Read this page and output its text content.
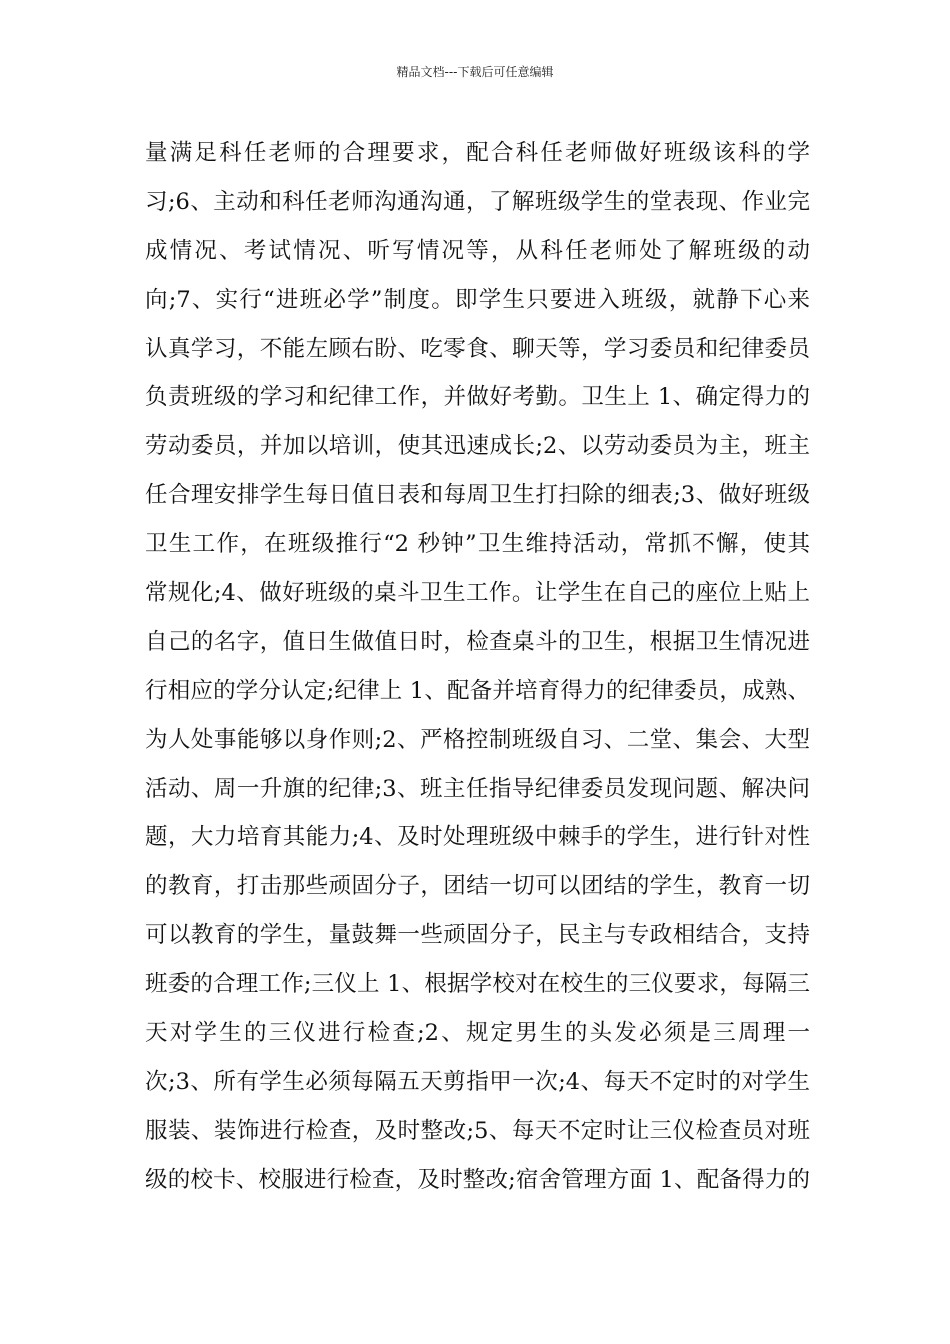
精品文档---下载后可任意编辑
量满足科任老师的合理要求，配合科任老师做好班级该科的学
习;6、主动和科任老师沟通沟通，了解班级学生的堂表现、作业完
成情况、考试情况、听写情况等，从科任老师处了解班级的动
向;7、实行“进班必学”制度。即学生只要进入班级，就静下心来
认真学习，不能左顾右盼、吃零食、聊天等，学习委员和纪律委员
负责班级的学习和纪律工作，并做好考勤。卫生上 1、确定得力的
劳动委员，并加以培训，使其迅速成长;2、以劳动委员为主，班主
任合理安排学生每日值日表和每周卫生打扫除的细表;3、做好班级
卫生工作，在班级推行“2 秒钟”卫生维持活动，常抓不懈，使其
常规化;4、做好班级的桌斗卫生工作。让学生在自己的座位上贴上
自己的名字，值日生做值日时，检查桌斗的卫生，根据卫生情况进
行相应的学分认定;纪律上 1、配备并培育得力的纪律委员，成熟、
为人处事能够以身作则;2、严格控制班级自习、二堂、集会、大型
活动、周一升旗的纪律;3、班主任指导纪律委员发现问题、解决问
题，大力培育其能力;4、及时处理班级中棘手的学生，进行针对性
的教育，打击那些顽固分子，团结一切可以团结的学生，教育一切
可以教育的学生，量鼓舞一些顽固分子，民主与专政相结合，支持
班委的合理工作;三仪上 1、根据学校对在校生的三仪要求，每隔三
天对学生的三仪进行检查;2、规定男生的头发必须是三周理一
次;3、所有学生必须每隔五天剪指甲一次;4、每天不定时的对学生
服装、装饰进行检查，及时整改;5、每天不定时让三仪检查员对班
级的校卡、校服进行检查，及时整改;宿舍管理方面 1、配备得力的
